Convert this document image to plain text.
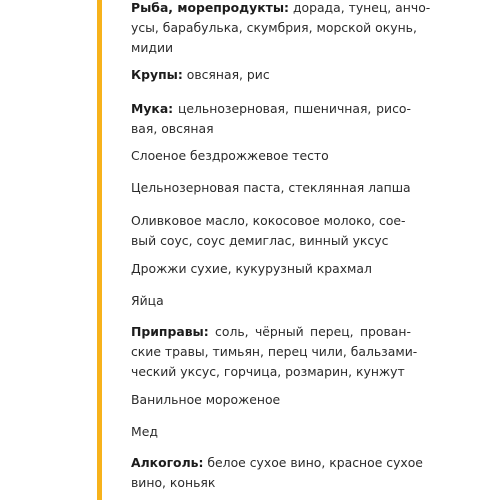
Рыба, морепродукты: дорада, тунец, анчо-
усы, барабулька, скумбрия, морской окунь,
мидии
Крупы: овсяная, рис
Мука: цельнозерновая, пшеничная, рисо-
вая, овсяная
Слоеное бездрожжевое тесто
Цельнозерновая паста, стеклянная лапша
Оливковое масло, кокосовое молоко, сое-
вый соус, соус демиглас, винный уксус
Дрожжи сухие, кукурузный крахмал
Яйца
Приправы: соль, чёрный перец, прован-
ские травы, тимьян, перец чили, бальзами-
ческий уксус, горчица, розмарин, кунжут
Ванильное мороженое
Мед
Алкоголь: белое сухое вино, красное сухое
вино, коньяк
